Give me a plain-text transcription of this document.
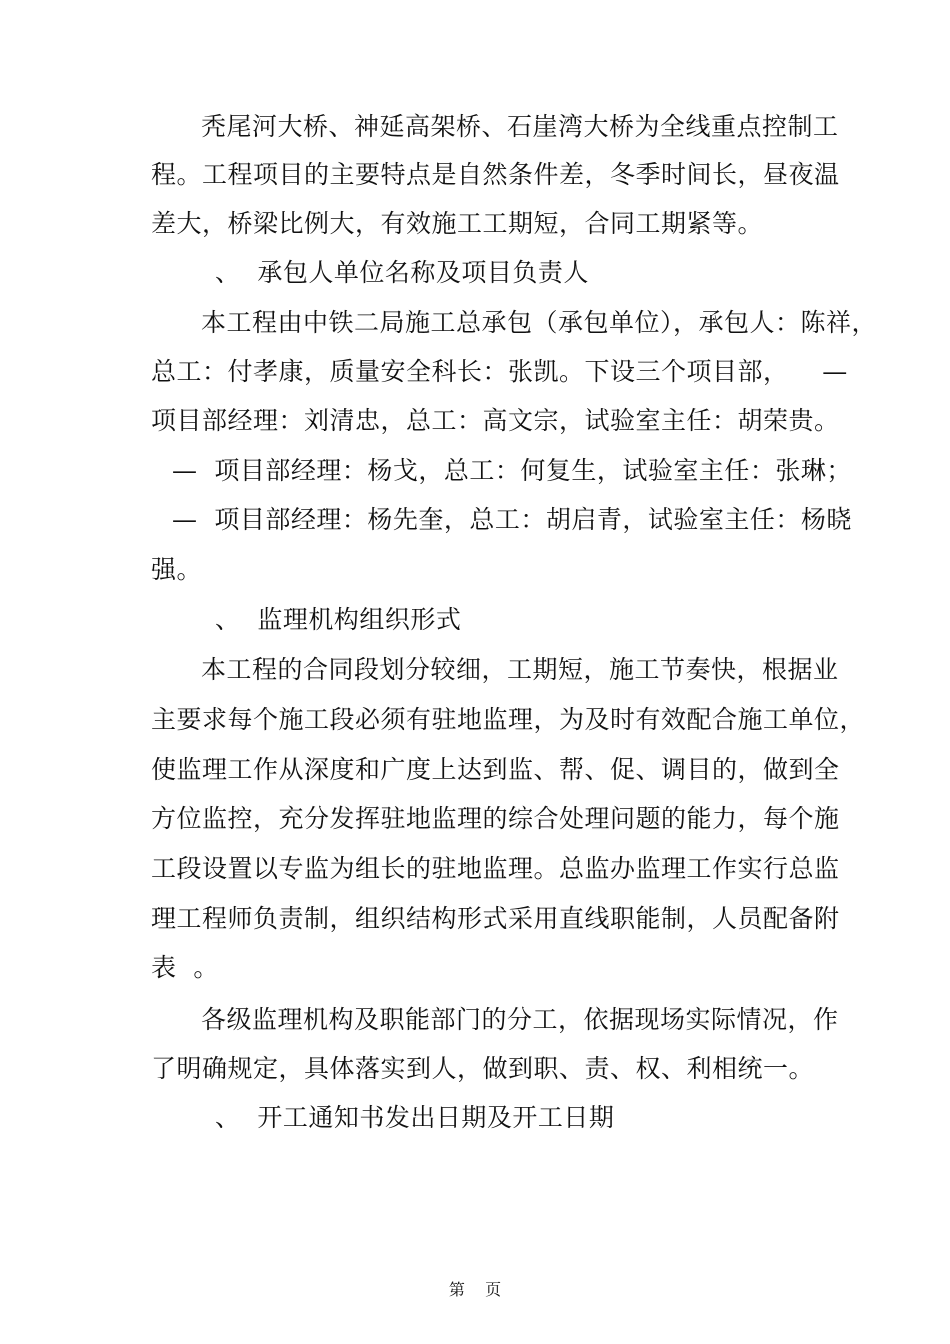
秃尾河大桥、神延高架桥、石崖湾大桥为全线重点控制工
程。工程项目的主要特点是自然条件差，冬季时间长，昼夜温
差大，桥梁比例大，有效施工工期短，合同工期紧等。
、  承包人单位名称及项目负责人
本工程由中铁二局施工总承包（承包单位），承包人：陈祥，
总工：付孝康，质量安全科长：张凯。下设三个项目部，    —
项目部经理：刘清忠，总工：高文宗，试验室主任：胡荣贵。
—  项目部经理：杨戈，总工：何复生，试验室主任：张琳；
—  项目部经理：杨先奎，总工：胡启青，试验室主任：杨晓
强。
、  监理机构组织形式
本工程的合同段划分较细，工期短，施工节奏快，根据业
主要求每个施工段必须有驻地监理，为及时有效配合施工单位，
使监理工作从深度和广度上达到监、帮、促、调目的，做到全
方位监控，充分发挥驻地监理的综合处理问题的能力，每个施
工段设置以专监为组长的驻地监理。总监办监理工作实行总监
理工程师负责制，组织结构形式采用直线职能制，人员配备附
表  。
各级监理机构及职能部门的分工，依据现场实际情况，作
了明确规定，具体落实到人，做到职、责、权、利相统一。
、  开工通知书发出日期及开工日期
第    页
